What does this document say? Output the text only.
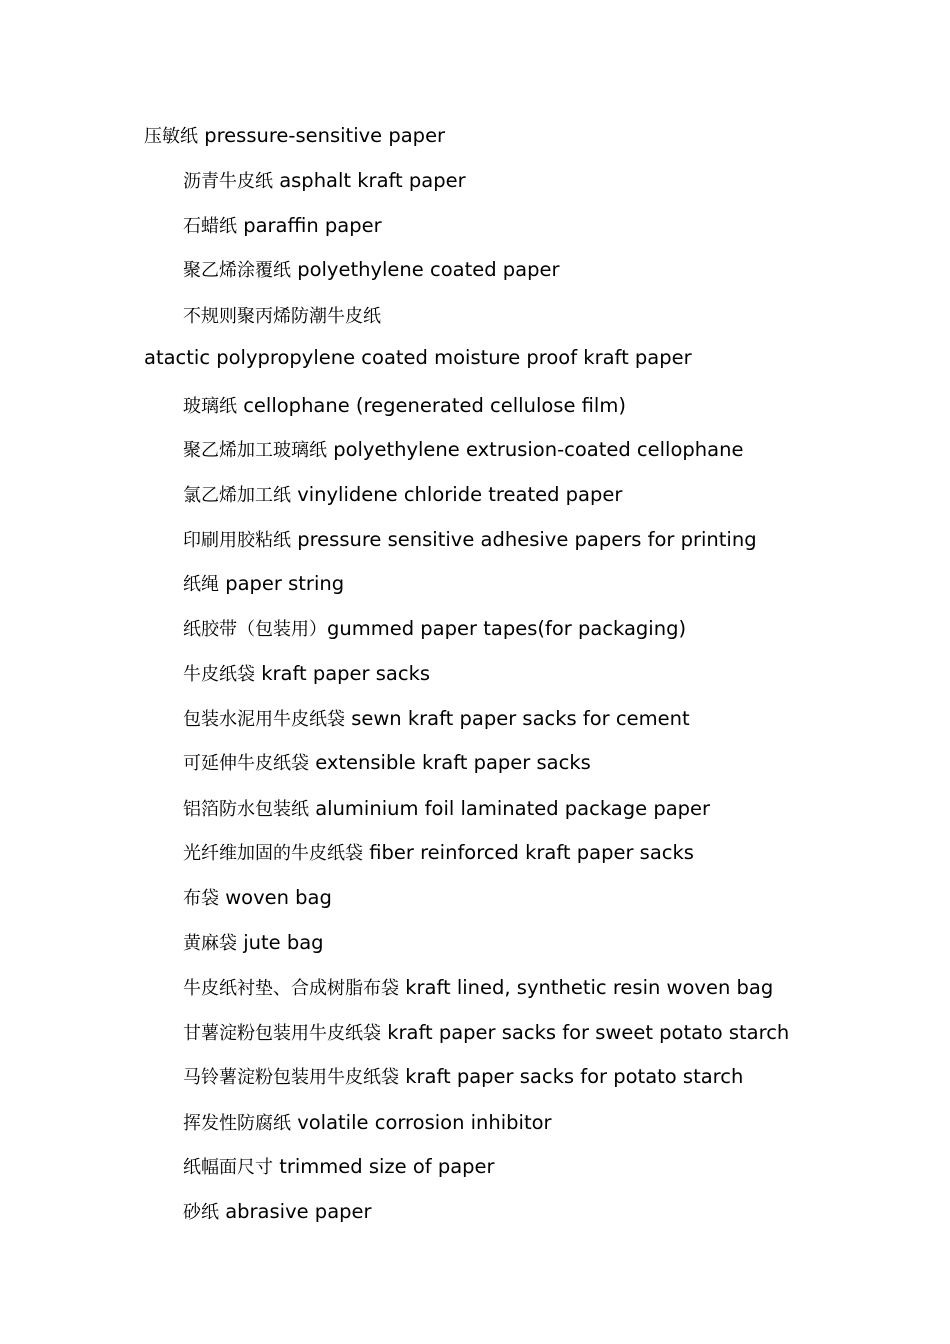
压敏纸 pressure-sensitive paper
沥青牛皮纸 asphalt kraft paper
石蜡纸 paraffin paper
聚乙烯涂覆纸 polyethylene coated paper
不规则聚丙烯防潮牛皮纸
atactic polypropylene coated moisture proof kraft paper
玻璃纸 cellophane (regenerated cellulose film)
聚乙烯加工玻璃纸 polyethylene extrusion-coated cellophane
氯乙烯加工纸 vinylidene chloride treated paper
印刷用胶粘纸 pressure sensitive adhesive papers for printing
纸绳 paper string
纸胶带（包装用）gummed paper tapes(for packaging)
牛皮纸袋 kraft paper sacks
包装水泥用牛皮纸袋 sewn kraft paper sacks for cement
可延伸牛皮纸袋 extensible kraft paper sacks
铝箔防水包装纸 aluminium foil laminated package paper
光纤维加固的牛皮纸袋 fiber reinforced kraft paper sacks
布袋 woven bag
黄麻袋 jute bag
牛皮纸衬垫、合成树脂布袋 kraft lined, synthetic resin woven bag
甘薯淀粉包装用牛皮纸袋 kraft paper sacks for sweet potato starch
马铃薯淀粉包装用牛皮纸袋 kraft paper sacks for potato starch
挥发性防腐纸 volatile corrosion inhibitor
纸幅面尺寸 trimmed size of paper
砂纸 abrasive paper
